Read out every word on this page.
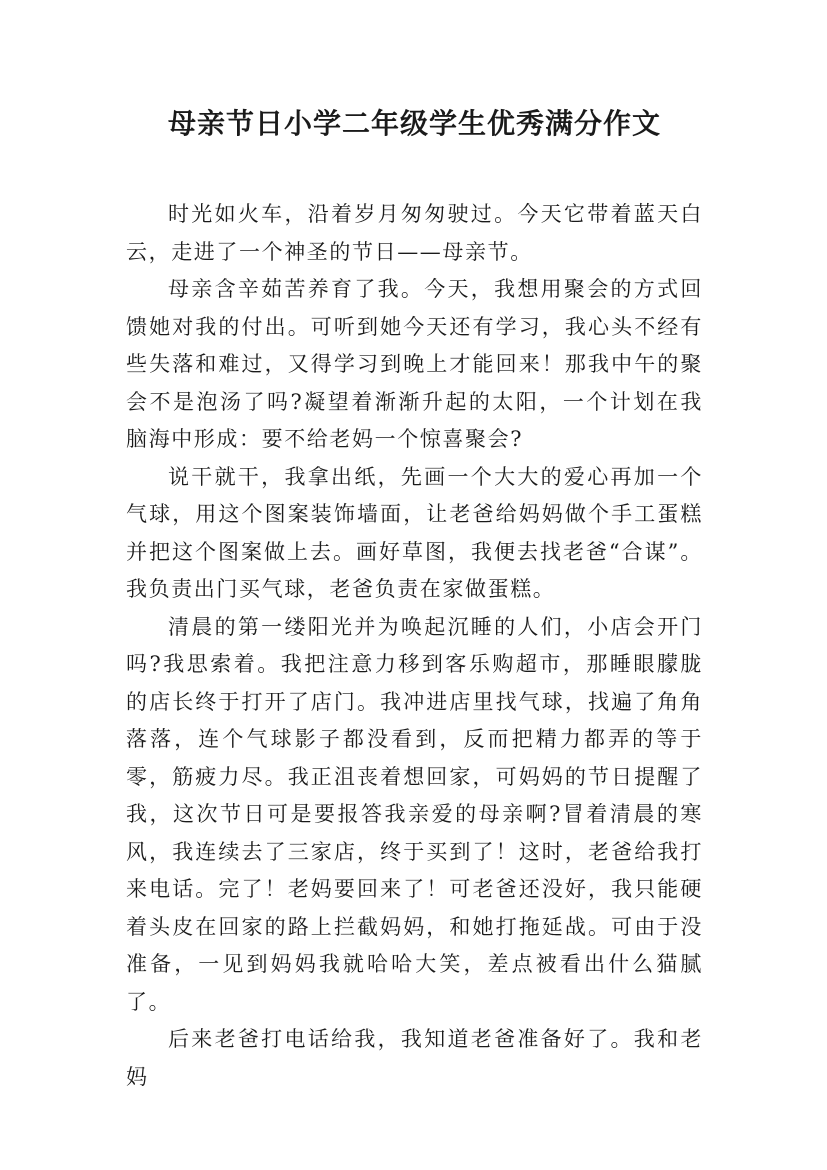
母亲节日小学二年级学生优秀满分作文

时光如火车，沿着岁月匆匆驶过。今天它带着蓝天白云，走进了一个神圣的节日——母亲节。

母亲含辛茹苦养育了我。今天，我想用聚会的方式回馈她对我的付出。可听到她今天还有学习，我心头不经有些失落和难过，又得学习到晚上才能回来！那我中午的聚会不是泡汤了吗?凝望着渐渐升起的太阳，一个计划在我脑海中形成：要不给老妈一个惊喜聚会?

说干就干，我拿出纸，先画一个大大的爱心再加一个气球，用这个图案装饰墙面，让老爸给妈妈做个手工蛋糕并把这个图案做上去。画好草图，我便去找老爸“合谋”。我负责出门买气球，老爸负责在家做蛋糕。

清晨的第一缕阳光并为唤起沉睡的人们，小店会开门吗?我思索着。我把注意力移到客乐购超市，那睡眼朦胧的店长终于打开了店门。我冲进店里找气球，找遍了角角落落，连个气球影子都没看到，反而把精力都弄的等于零，筋疲力尽。我正沮丧着想回家，可妈妈的节日提醒了我，这次节日可是要报答我亲爱的母亲啊?冒着清晨的寒风，我连续去了三家店，终于买到了！这时，老爸给我打来电话。完了！老妈要回来了！可老爸还没好，我只能硬着头皮在回家的路上拦截妈妈，和她打拖延战。可由于没准备，一见到妈妈我就哈哈大笑，差点被看出什么猫腻了。

后来老爸打电话给我，我知道老爸准备好了。我和老妈
